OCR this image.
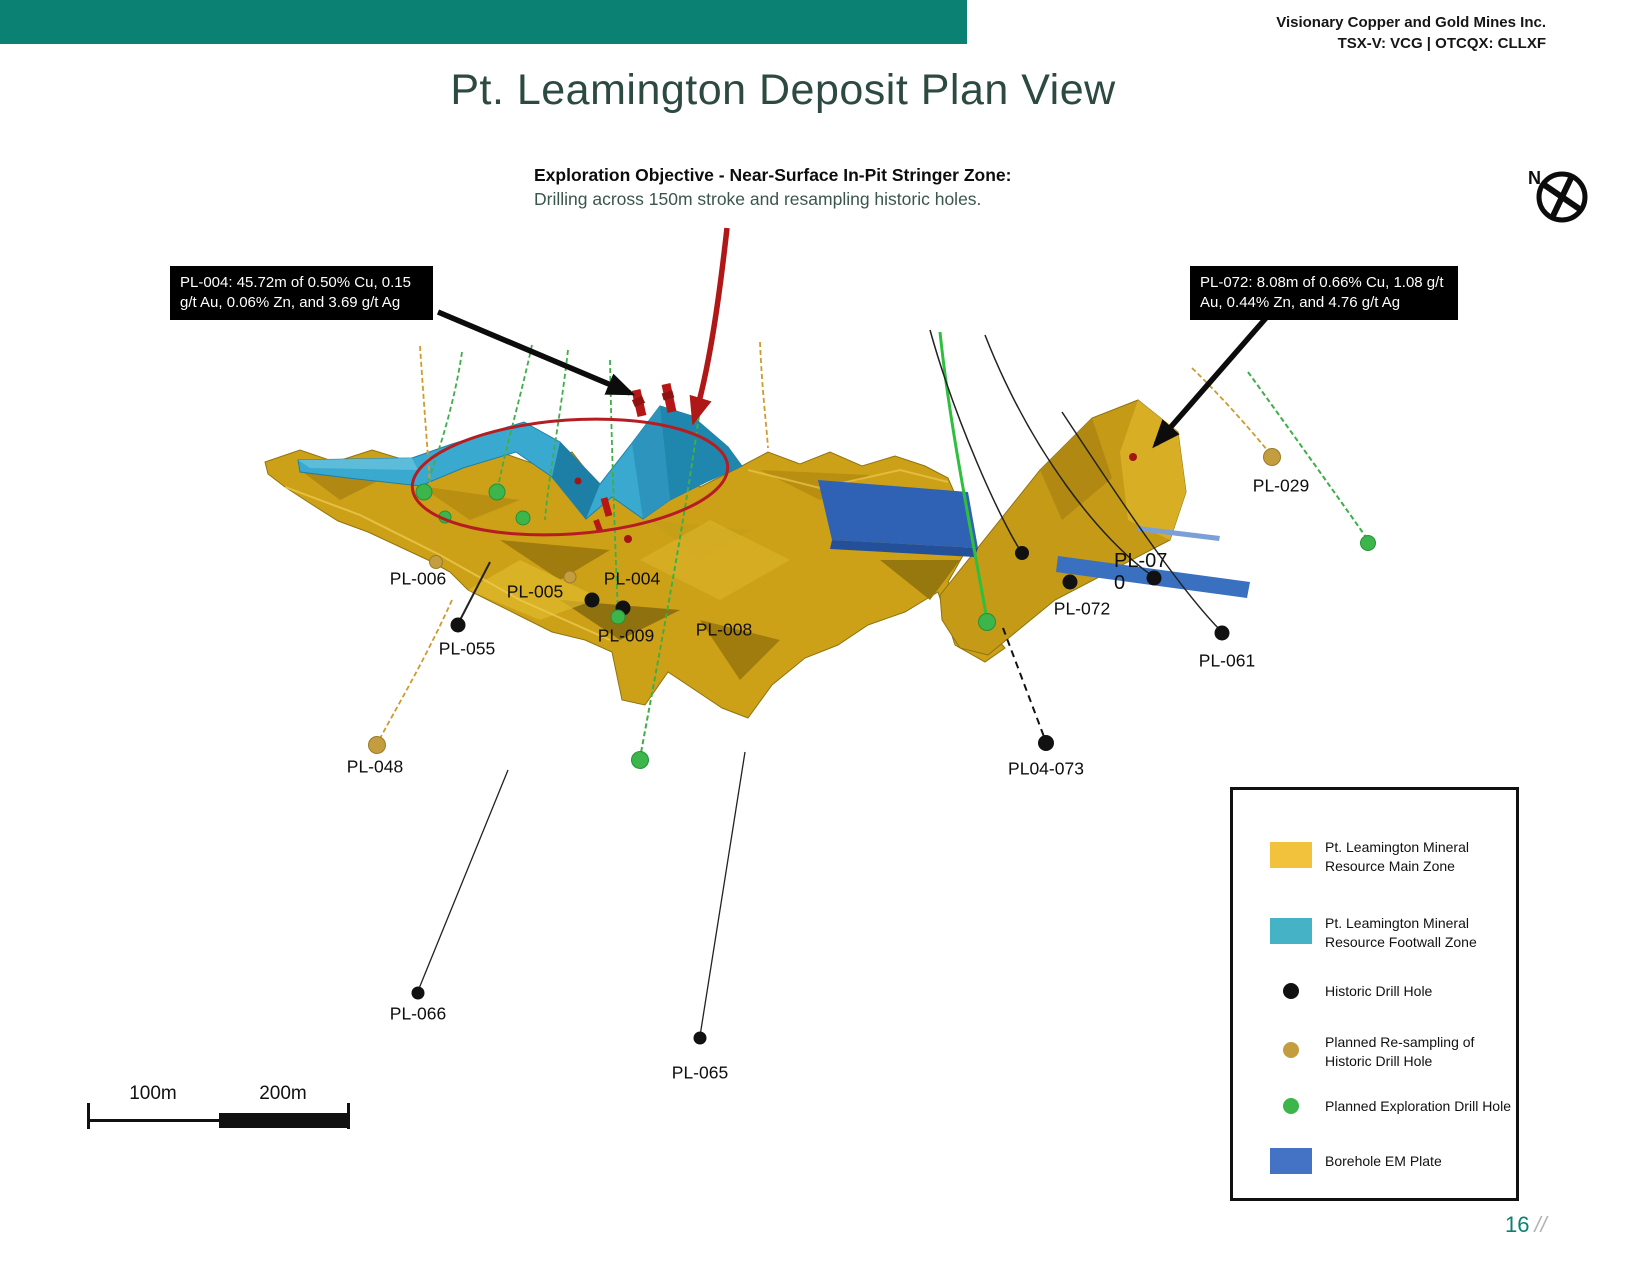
Visionary Copper and Gold Mines Inc.
TSX-V: VCG | OTCQX: CLLXF
Pt. Leamington Deposit Plan View
Exploration Objective - Near-Surface In-Pit Stringer Zone:
Drilling across 150m stroke and resampling historic holes.
N
PL-004: 45.72m of 0.50% Cu, 0.15 g/t Au, 0.06% Zn, and 3.69 g/t Ag
PL-072: 8.08m of 0.66% Cu, 1.08 g/t Au, 0.44% Zn, and 4.76 g/t Ag
PL-006
PL-005
PL-004
PL-055
PL-009 PL-008
PL-048
PL-066
PL-065
PL-072
PL-070
PL-061
PL-029
PL04-073
100m	200m
Pt. Leamington Mineral Resource Main Zone
Pt. Leamington Mineral Resource Footwall Zone
Historic Drill Hole
Planned Re-sampling of Historic Drill Hole
Planned Exploration Drill Hole
Borehole EM Plate
16 //
